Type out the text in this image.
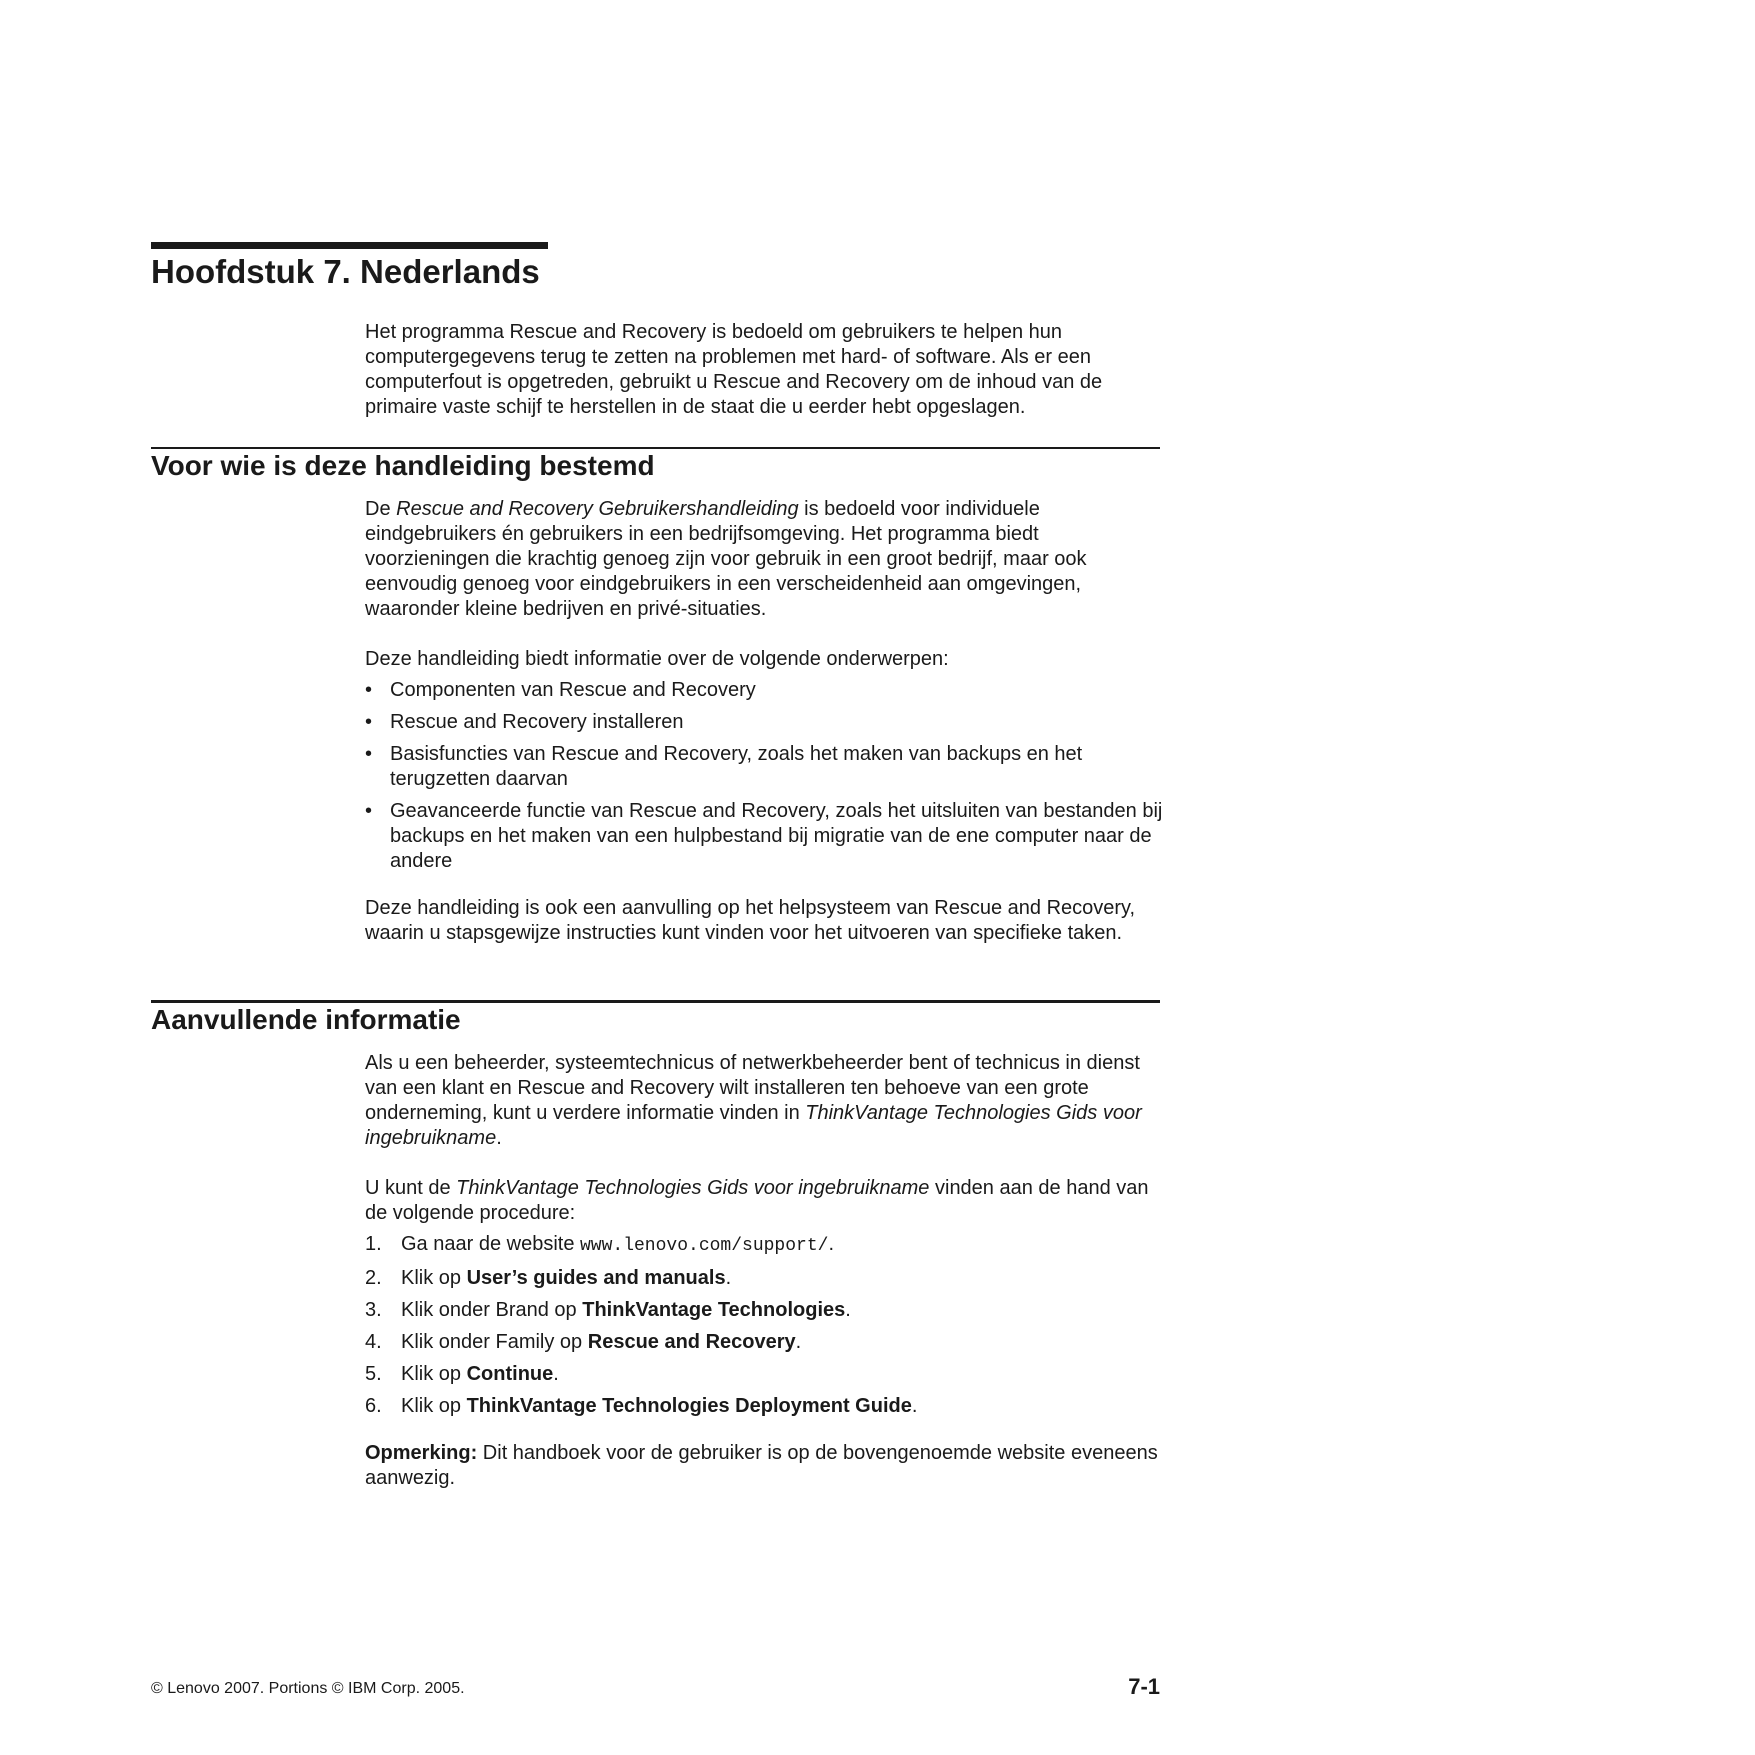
Hoofdstuk 7. Nederlands

Het programma Rescue and Recovery is bedoeld om gebruikers te helpen hun computergegevens terug te zetten na problemen met hard- of software. Als er een computerfout is opgetreden, gebruikt u Rescue and Recovery om de inhoud van de primaire vaste schijf te herstellen in de staat die u eerder hebt opgeslagen.

Voor wie is deze handleiding bestemd

De Rescue and Recovery Gebruikershandleiding is bedoeld voor individuele eindgebruikers én gebruikers in een bedrijfsomgeving. Het programma biedt voorzieningen die krachtig genoeg zijn voor gebruik in een groot bedrijf, maar ook eenvoudig genoeg voor eindgebruikers in een verscheidenheid aan omgevingen, waaronder kleine bedrijven en privé-situaties.

Deze handleiding biedt informatie over de volgende onderwerpen:

• Componenten van Rescue and Recovery
• Rescue and Recovery installeren
• Basisfuncties van Rescue and Recovery, zoals het maken van backups en het terugzetten daarvan
• Geavanceerde functie van Rescue and Recovery, zoals het uitsluiten van bestanden bij backups en het maken van een hulpbestand bij migratie van de ene computer naar de andere

Deze handleiding is ook een aanvulling op het helpsysteem van Rescue and Recovery, waarin u stapsgewijze instructies kunt vinden voor het uitvoeren van specifieke taken.

Aanvullende informatie

Als u een beheerder, systeemtechnicus of netwerkbeheerder bent of technicus in dienst van een klant en Rescue and Recovery wilt installeren ten behoeve van een grote onderneming, kunt u verdere informatie vinden in ThinkVantage Technologies Gids voor ingebruikname.

U kunt de ThinkVantage Technologies Gids voor ingebruikname vinden aan de hand van de volgende procedure:

1. Ga naar de website www.lenovo.com/support/.
2. Klik op User’s guides and manuals.
3. Klik onder Brand op ThinkVantage Technologies.
4. Klik onder Family op Rescue and Recovery.
5. Klik op Continue.
6. Klik op ThinkVantage Technologies Deployment Guide.

Opmerking: Dit handboek voor de gebruiker is op de bovengenoemde website eveneens aanwezig.

© Lenovo 2007. Portions © IBM Corp. 2005.	7-1
